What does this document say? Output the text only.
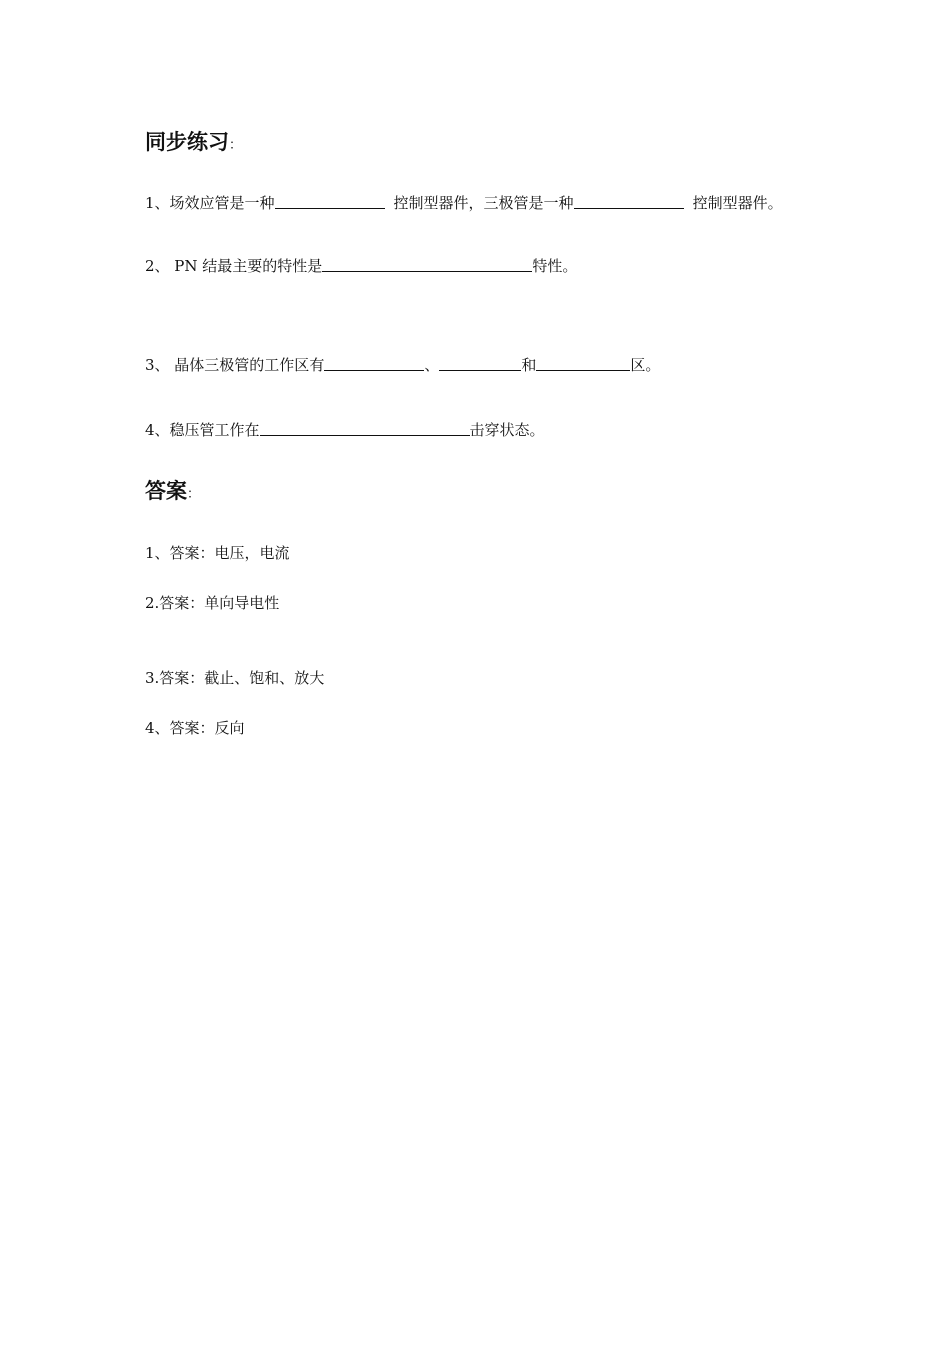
同步练习：
1、场效应管是一种	控制型器件，三极管是一种	控制型器件。
2、 PN 结最主要的特性是	特性。
3、 晶体三极管的工作区有	、	和	区。
4、稳压管工作在	击穿状态。
答案：
1、答案：电压，电流
2.答案：单向导电性
3.答案：截止、饱和、放大
4、答案：反向
